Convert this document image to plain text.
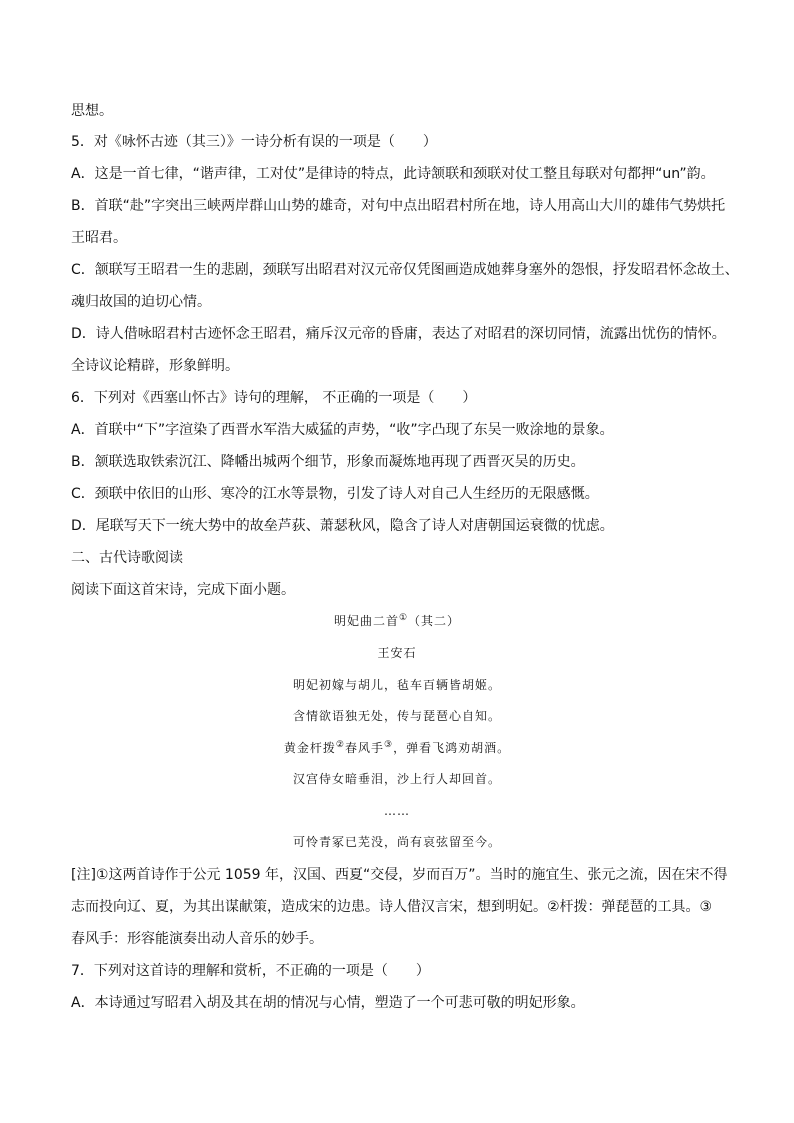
思想。
5．对《咏怀古迹（其三）》一诗分析有误的一项是（　　）
A．这是一首七律，“谐声律，工对仗”是律诗的特点，此诗颔联和颈联对仗工整且每联对句都押“un”韵。
B．首联“赴”字突出三峡两岸群山山势的雄奇，对句中点出昭君村所在地，诗人用高山大川的雄伟气势烘托
王昭君。
C．颔联写王昭君一生的悲剧，颈联写出昭君对汉元帝仅凭图画造成她葬身塞外的怨恨，抒发昭君怀念故土、
魂归故国的迫切心情。
D．诗人借咏昭君村古迹怀念王昭君，痛斥汉元帝的昏庸，表达了对昭君的深切同情，流露出忧伤的情怀。
全诗议论精辟，形象鲜明。
6．下列对《西塞山怀古》诗句的理解， 不正确的一项是（　　）
A．首联中“下”字渲染了西晋水军浩大威猛的声势，“收”字凸现了东吴一败涂地的景象。
B．颔联选取铁索沉江、降幡出城两个细节，形象而凝炼地再现了西晋灭吴的历史。
C．颈联中依旧的山形、寒冷的江水等景物，引发了诗人对自己人生经历的无限感慨。
D．尾联写天下一统大势中的故垒芦荻、萧瑟秋风，隐含了诗人对唐朝国运衰微的忧虑。
二、古代诗歌阅读
阅读下面这首宋诗，完成下面小题。
明妃曲二首①（其二）
王安石
明妃初嫁与胡儿，毡车百辆皆胡姬。
含情欲语独无处，传与琵琶心自知。
黄金杆拨②春风手③，弹看飞鸿劝胡酒。
汉宫侍女暗垂泪，沙上行人却回首。
……
可怜青冢已芜没，尚有哀弦留至今。
[注]①这两首诗作于公元 1059 年，汉国、西夏“交侵，岁而百万”。当时的施宜生、张元之流，因在宋不得
志而投向辽、夏，为其出谋献策，造成宋的边患。诗人借汉言宋，想到明妃。②杆拨：弹琵琶的工具。③
春风手：形容能演奏出动人音乐的妙手。
7．下列对这首诗的理解和赏析，不正确的一项是（　　）
A．本诗通过写昭君入胡及其在胡的情况与心情，塑造了一个可悲可敬的明妃形象。
